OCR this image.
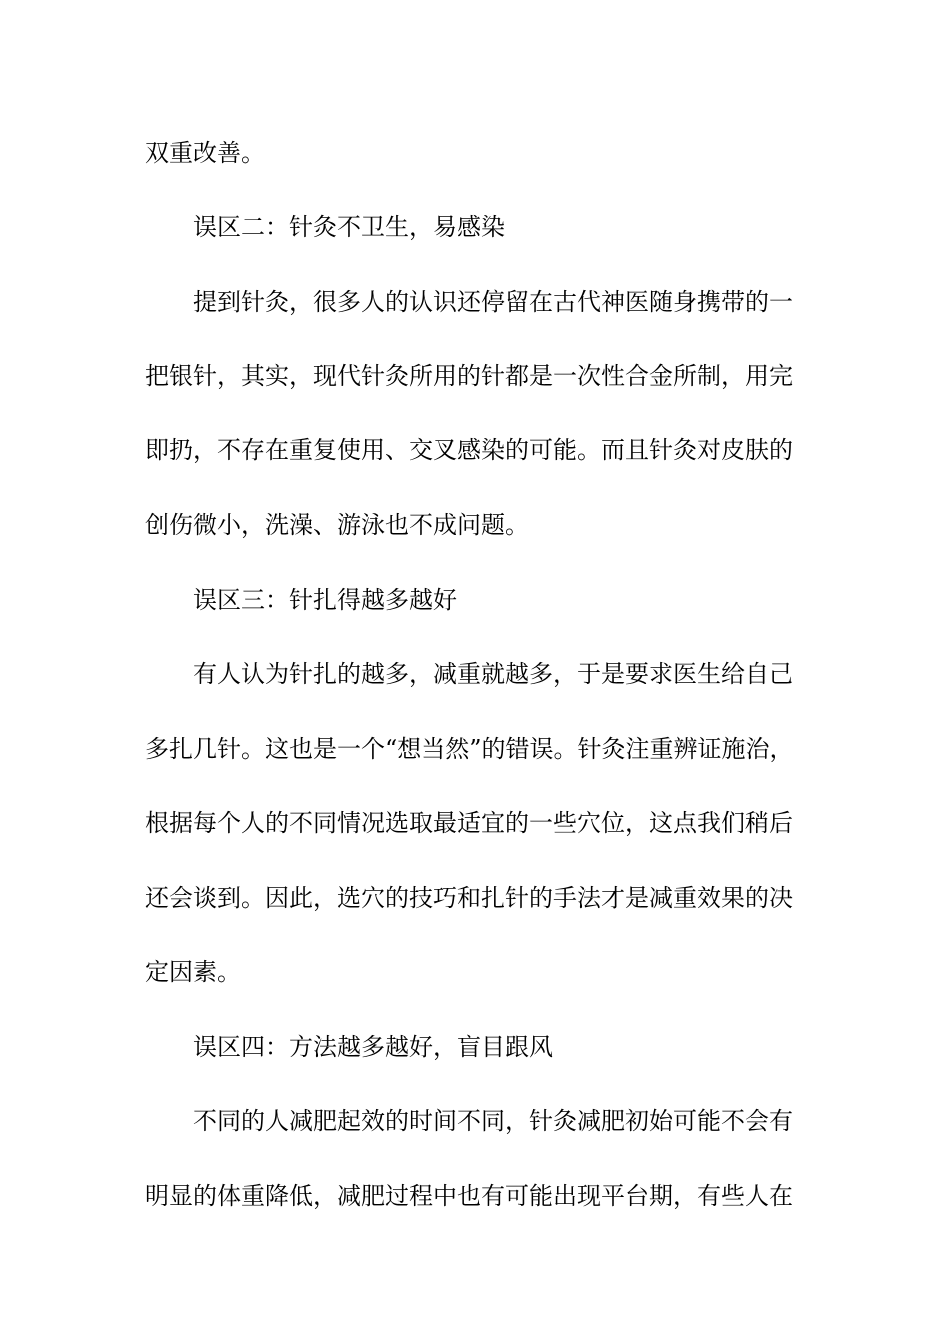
双重改善。
误区二：针灸不卫生，易感染
提到针灸，很多人的认识还停留在古代神医随身携带的一
把银针，其实，现代针灸所用的针都是一次性合金所制，用完
即扔，不存在重复使用、交叉感染的可能。而且针灸对皮肤的
创伤微小，洗澡、游泳也不成问题。
误区三：针扎得越多越好
有人认为针扎的越多，减重就越多，于是要求医生给自己
多扎几针。这也是一个“想当然”的错误。针灸注重辨证施治，
根据每个人的不同情况选取最适宜的一些穴位，这点我们稍后
还会谈到。因此，选穴的技巧和扎针的手法才是减重效果的决
定因素。
误区四：方法越多越好，盲目跟风
不同的人减肥起效的时间不同，针灸减肥初始可能不会有
明显的体重降低，减肥过程中也有可能出现平台期，有些人在
